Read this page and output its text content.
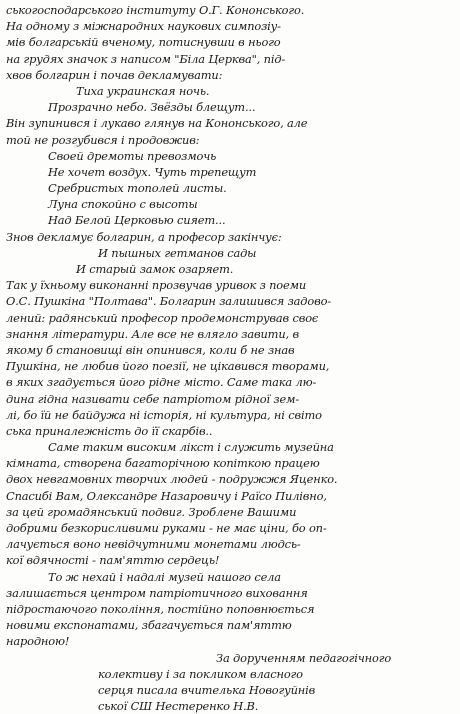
ськогосподарського інституту О.Г. Кононського.
На одному з міжнародних наукових симпозіу-
мів болгарській вченому, потиснувши в нього
на грудях значок з написом "Біла Церква", під-
хвов болгарин і почав декламувати:
Тиха украинская ночь.
Прозрачно небо. Звёзды блещут...
Він зупинився і лукаво глянув на Кононського, але
той не розгубився і продовжив:
Своей дремоты превозмочь
Не хочет воздух. Чуть трепещут
Сребристых тополей листы.
Луна спокойно с высоты
Над Белой Церковью сияет...
Знов декламує болгарин, а професор закінчує:
И пышных гетманов сады
И старый замок озаряет.
Так у їхньому виконанні прозвучав уривок з поеми
О.С. Пушкіна "Полтава". Болгарин залишився задово-
лений: радянський професор продемонстрував своє
знання літератури. Але все не влягло завити, в
якому б становищі він опинився, коли б не знав
Пушкіна, не любив його поезії, не цікавився творами,
в яких згадується його рідне місто. Саме така лю-
дина гідна називати себе патріотом рідної зем-
лі, бо їй не байдужа ні історія, ні культура, ні світо
ська приналежність до її скарбів..
Саме таким високим лікст і служить музейна
кімната, створена багаторічною копіткою працею
двох невгамовних творчих людей - подружжя Яценко.
Спасибі Вам, Олександре Назаровичу і Раїсо Пилівно,
за цей громадянський подвиг. Зроблене Вашими
добрими безкорисливими руками - не має ціни, бо оп-
лачується воно невідчутними монетами людсь-
кої вдячності - пам'яттю сердець!
То ж нехай і надалі музей нашого села
залишається центром патріотичного виховання
підростаючого покоління, постійно поповнюється
новими експонатами, збагачується пам'яттю
народною!
За дорученням педагогічного
колективу і за покликом власного
серця писала вчителька Новогуйнів
ської СШ Нестеренко Н.В.
